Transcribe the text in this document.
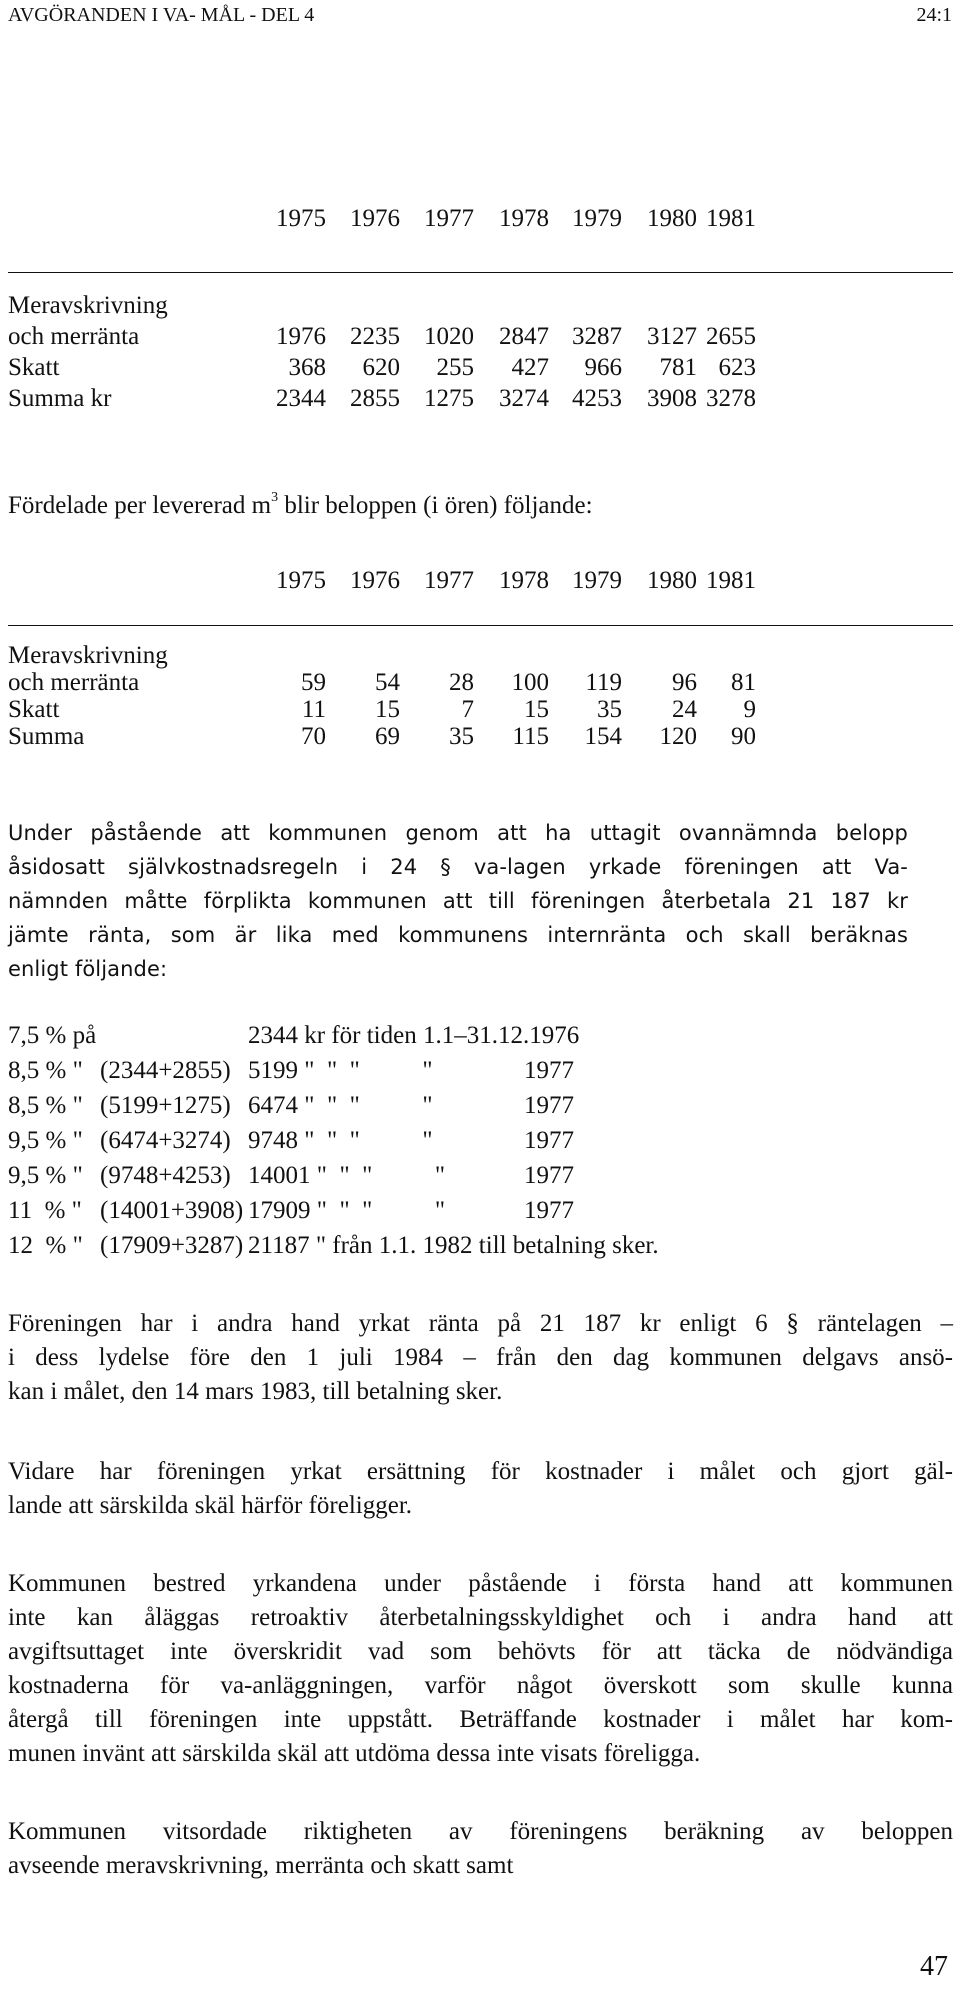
AVGÖRANDEN I VA- MÅL - DEL 4	24:1
1975 1976 1977 1978 1979 1980 1981
Meravskrivning
och merränta	1976 2235 1020 2847 3287 3127 2655
Skatt	368 620 255 427 966 781 623
Summa kr	2344 2855 1275 3274 4253 3908 3278
Fördelade per levererad $m^3$ blir beloppen (i ören) följande:
1975 1976 1977 1978 1979 1980 1981
Meravskrivning
och merränta	59 54 28 100 119 96 81
Skatt	11 15 7 15 35 24 9
Summa	70 69 35 115 154 120 90
Under påstående att kommunen genom att ha uttagit ovannämnda belopp
åsidosatt självkostnadsregeln i 24 § va-lagen yrkade föreningen att Va-
nämnden måtte förplikta kommunen att till föreningen återbetala 21 187 kr
jämte ränta, som är lika med kommunens internränta och skall beräknas
enligt följande:
7,5 % på	2344 kr för tiden 1.1–31.12.1976
8,5 % " (2344+2855) 5199 "  "  "          "	1977
8,5 % " (5199+1275) 6474 "  "  "          "	1977
9,5 % " (6474+3274) 9748 "  "  "          "	1977
9,5 % " (9748+4253) 14001 "  "  "          "	1977
11  % " (14001+3908) 17909 "  "  "          "	1977
12  % " (17909+3287) 21187 " från 1.1. 1982 till betalning sker.
Föreningen har i andra hand yrkat ränta på 21 187 kr enligt 6 § räntelagen –
i dess lydelse före den 1 juli 1984 – från den dag kommunen delgavs ansö-
kan i målet, den 14 mars 1983, till betalning sker.
Vidare har föreningen yrkat ersättning för kostnader i målet och gjort gäl-
lande att särskilda skäl härför föreligger.
Kommunen bestred yrkandena under påstående i första hand att kommunen
inte kan åläggas retroaktiv återbetalningsskyldighet och i andra hand att
avgiftsuttaget inte överskridit vad som behövts för att täcka de nödvändiga
kostnaderna för va-anläggningen, varför något överskott som skulle kunna
återgå till föreningen inte uppstått. Beträffande kostnader i målet har kom-
munen invänt att särskilda skäl att utdöma dessa inte visats föreligga.
Kommunen vitsordade riktigheten av föreningens beräkning av beloppen
avseende meravskrivning, merränta och skatt samt
47
